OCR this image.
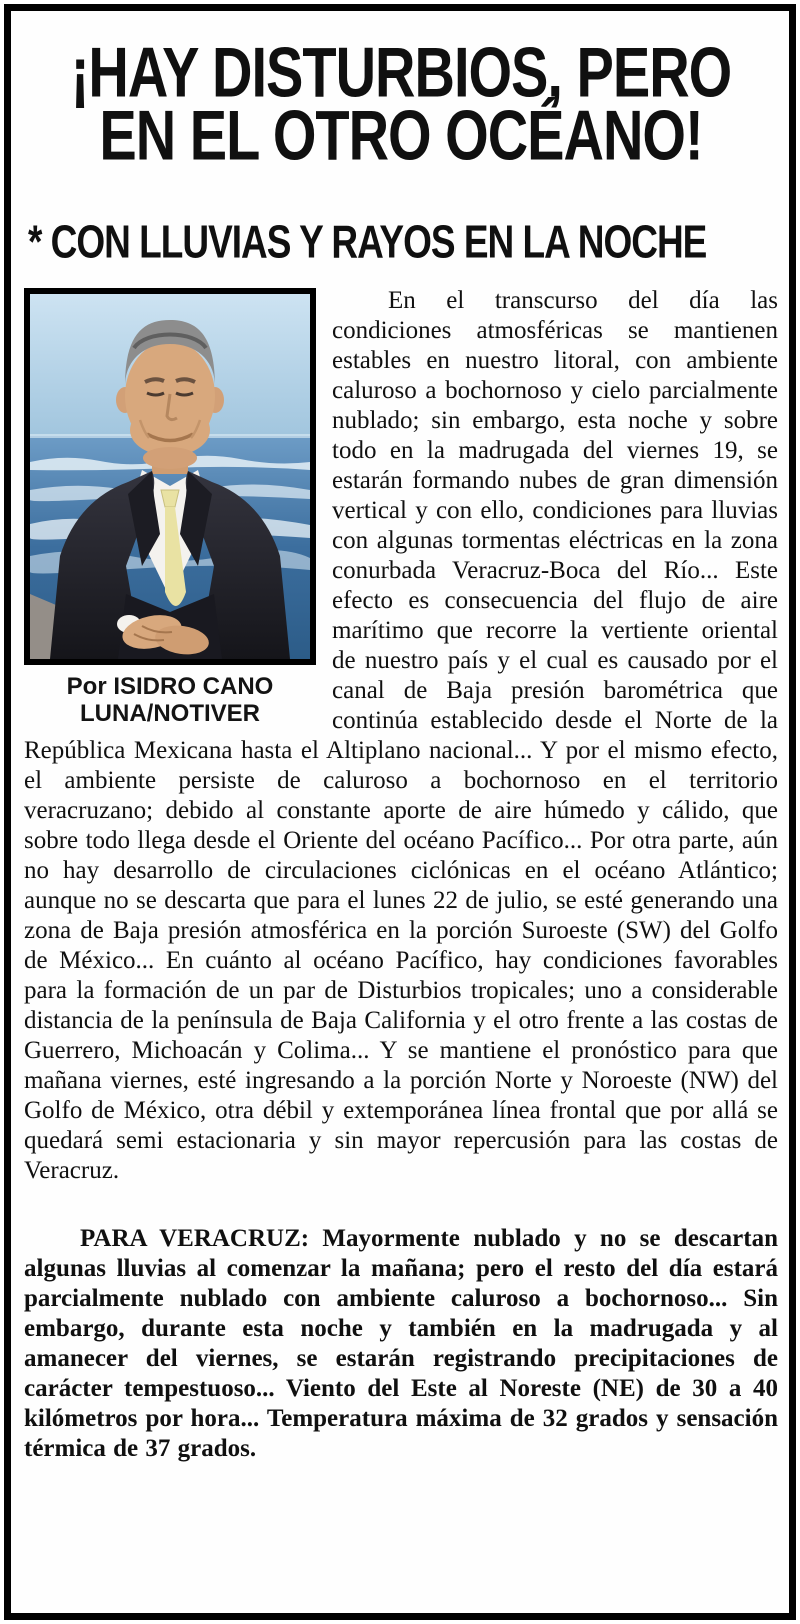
¡HAY DISTURBIOS, PERO
EN EL OTRO OCÉANO!
* CON LLUVIAS Y RAYOS EN LA NOCHE
Por ISIDRO CANO
LUNA/NOTIVER

En el transcurso del día las condiciones atmosféricas se mantienen estables en nuestro litoral, con ambiente caluroso a bochornoso y cielo parcialmente nublado; sin embargo, esta noche y sobre todo en la madrugada del viernes 19, se estarán formando nubes de gran dimensión vertical y con ello, condiciones para lluvias con algunas tormentas eléctricas en la zona conurbada Veracruz-Boca del Río... Este efecto es consecuencia del flujo de aire marítimo que recorre la vertiente oriental de nuestro país y el cual es causado por el canal de Baja presión barométrica que continúa establecido desde el Norte de la República Mexicana hasta el Altiplano nacional... Y por el mismo efecto, el ambiente persiste de caluroso a bochornoso en el territorio veracruzano; debido al constante aporte de aire húmedo y cálido, que sobre todo llega desde el Oriente del océano Pacífico... Por otra parte, aún no hay desarrollo de circulaciones ciclónicas en el océano Atlántico; aunque no se descarta que para el lunes 22 de julio, se esté generando una zona de Baja presión atmosférica en la porción Suroeste (SW) del Golfo de México... En cuánto al océano Pacífico, hay condiciones favorables para la formación de un par de Disturbios tropicales; uno a considerable distancia de la península de Baja California y el otro frente a las costas de Guerrero, Michoacán y Colima... Y se mantiene el pronóstico para que mañana viernes, esté ingresando a la porción Norte y Noroeste (NW) del Golfo de México, otra débil y extemporánea línea frontal que por allá se quedará semi estacionaria y sin mayor repercusión para las costas de Veracruz.

PARA VERACRUZ: Mayormente nublado y no se descartan algunas lluvias al comenzar la mañana; pero el resto del día estará parcialmente nublado con ambiente caluroso a bochornoso... Sin embargo, durante esta noche y también en la madrugada y al amanecer del viernes, se estarán registrando precipitaciones de carácter tempestuoso... Viento del Este al Noreste (NE) de 30 a 40 kilómetros por hora... Temperatura máxima de 32 grados y sensación térmica de 37 grados.
